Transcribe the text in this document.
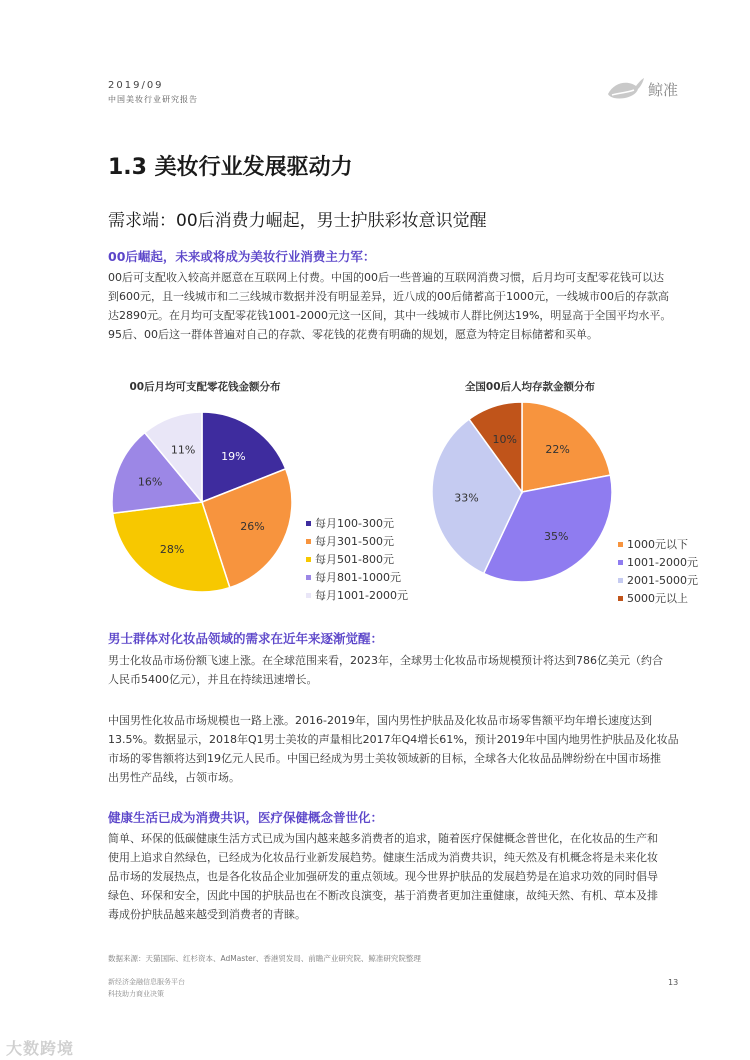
2019/09
中国美妆行业研究报告
鲸准
1.3 美妆行业发展驱动力
需求端：00后消费力崛起，男士护肤彩妆意识觉醒
00后崛起，未来或将成为美妆行业消费主力军：
00后可支配收入较高并愿意在互联网上付费。中国的00后一些普遍的互联网消费习惯，后月均可支配零花钱可以达
到600元，且一线城市和二三线城市数据并没有明显差异，近八成的00后储蓄高于1000元，一线城市00后的存款高
达2890元。在月均可支配零花钱1001-2000元这一区间，其中一线城市人群比例达19%，明显高于全国平均水平。
95后、00后这一群体普遍对自己的存款、零花钱的花费有明确的规划，愿意为特定目标储蓄和买单。
00后月均可支配零花钱金额分布
19%
26%
28%
16%
11%
每月100-300元
每月301-500元
每月501-800元
每月801-1000元
每月1001-2000元
全国00后人均存款金额分布
22%
35%
33%
10%
1000元以下
1001-2000元
2001-5000元
5000元以上
男士群体对化妆品领域的需求在近年来逐渐觉醒：
男士化妆品市场份额飞速上涨。在全球范围来看，2023年，全球男士化妆品市场规模预计将达到786亿美元（约合
人民币5400亿元），并且在持续迅速增长。
中国男性化妆品市场规模也一路上涨。2016-2019年，国内男性护肤品及化妆品市场零售额平均年增长速度达到
13.5%。数据显示，2018年Q1男士美妆的声量相比2017年Q4增长61%，预计2019年中国内地男性护肤品及化妆品
市场的零售额将达到19亿元人民币。中国已经成为男士美妆领域新的目标，全球各大化妆品品牌纷纷在中国市场推
出男性产品线，占领市场。
健康生活已成为消费共识，医疗保健概念普世化：
简单、环保的低碳健康生活方式已成为国内越来越多消费者的追求，随着医疗保健概念普世化，在化妆品的生产和
使用上追求自然绿色，已经成为化妆品行业新发展趋势。健康生活成为消费共识，纯天然及有机概念将是未来化妆
品市场的发展热点，也是各化妆品企业加强研发的重点领域。现今世界护肤品的发展趋势是在追求功效的同时倡导
绿色、环保和安全，因此中国的护肤品也在不断改良演变，基于消费者更加注重健康，故纯天然、有机、草本及排
毒成份护肤品越来越受到消费者的青睐。
数据来源：天猫国际、红杉资本、AdMaster、香港贸发局、前瞻产业研究院、鲸准研究院整理
新经济金融信息服务平台
科技助力商业决策
13
大数跨境
